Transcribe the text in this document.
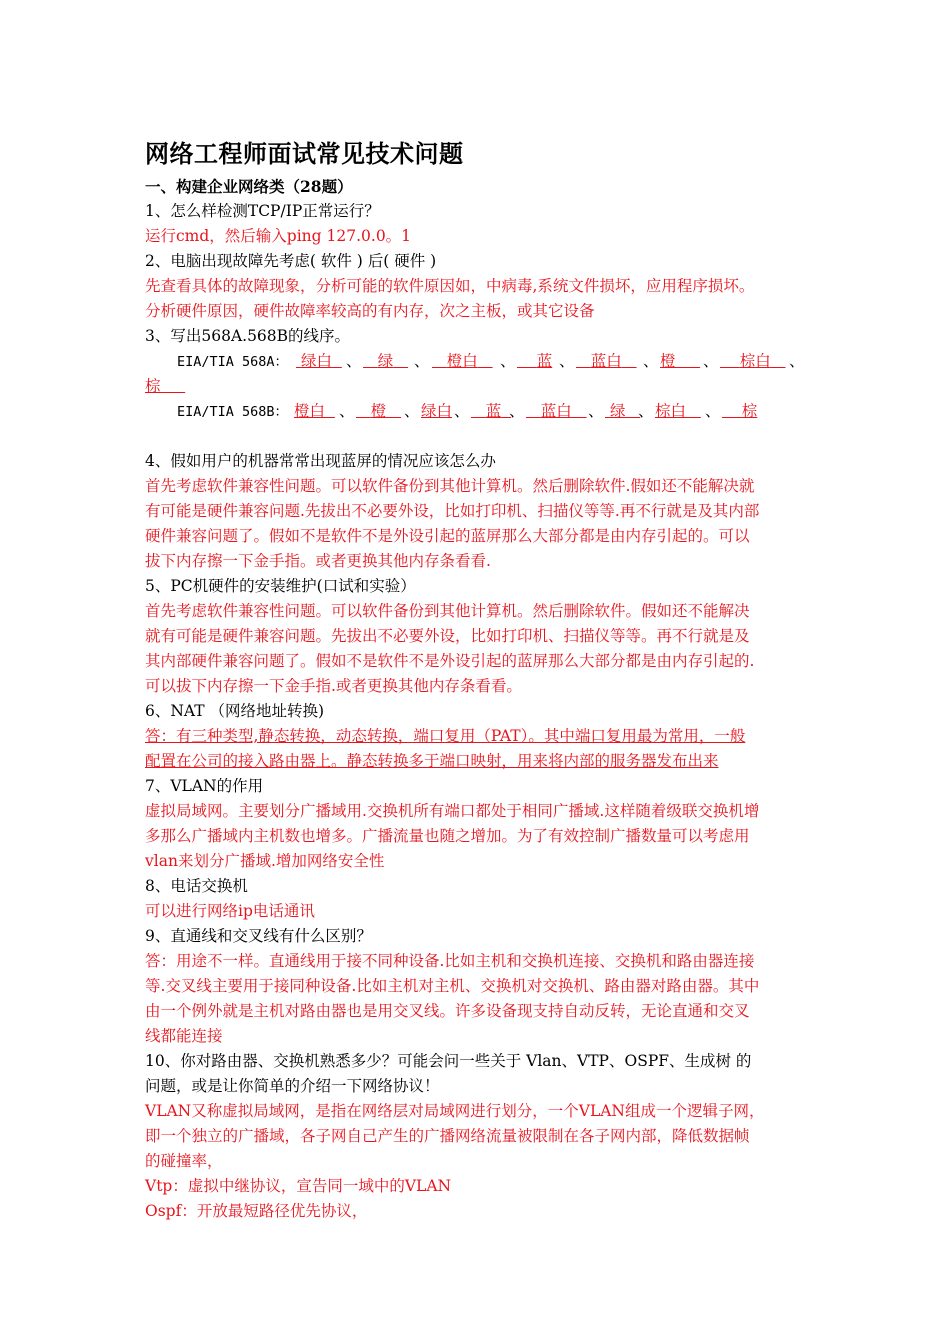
网络工程师面试常见技术问题
一、构建企业网络类（28题）
1、怎么样检测TCP/IP正常运行？
运行cmd，然后输入ping 127.0.0。1
2、电脑出现故障先考虑( 软件 ) 后( 硬件 )
先查看具体的故障现象，分析可能的软件原因如，中病毒,系统文件损坏，应用程序损坏。
分析硬件原因，硬件故障率较高的有内存，次之主板，或其它设备
3、写出568A.568B的线序。
EIA/TIA 568A： 绿白 、	绿	、	橙白	、	蓝 、	蓝白	、 橙	、	棕白	、
棕
EIA/TIA 568B： 橙白 、	橙	、 绿白 、	蓝 、	蓝白	、 绿 、 棕白	、	棕
4、假如用户的机器常常出现蓝屏的情况应该怎么办
首先考虑软件兼容性问题。可以软件备份到其他计算机。然后删除软件.假如还不能解决就
有可能是硬件兼容问题.先拔出不必要外设，比如打印机、扫描仪等等.再不行就是及其内部
硬件兼容问题了。假如不是软件不是外设引起的蓝屏那么大部分都是由内存引起的。可以
拔下内存擦一下金手指。或者更换其他内存条看看.
5、PC机硬件的安装维护(口试和实验）
首先考虑软件兼容性问题。可以软件备份到其他计算机。然后删除软件。假如还不能解决
就有可能是硬件兼容问题。先拔出不必要外设，比如打印机、扫描仪等等。再不行就是及
其内部硬件兼容问题了。假如不是软件不是外设引起的蓝屏那么大部分都是由内存引起的.
可以拔下内存擦一下金手指.或者更换其他内存条看看。
6、NAT （网络地址转换)
答：有三种类型,静态转换，动态转换，端口复用（PAT）。其中端口复用最为常用，一般
配置在公司的接入路由器上。静态转换多于端口映射，用来将内部的服务器发布出来
7、VLAN的作用
虚拟局域网。主要划分广播域用.交换机所有端口都处于相同广播域.这样随着级联交换机增
多那么广播域内主机数也增多。广播流量也随之增加。为了有效控制广播数量可以考虑用
vlan来划分广播域.增加网络安全性
8、电话交换机
可以进行网络ip电话通讯
9、直通线和交叉线有什么区别？
答：用途不一样。直通线用于接不同种设备.比如主机和交换机连接、交换机和路由器连接
等.交叉线主要用于接同种设备.比如主机对主机、交换机对交换机、路由器对路由器。其中
由一个例外就是主机对路由器也是用交叉线。许多设备现支持自动反转，无论直通和交叉
线都能连接
10、你对路由器、交换机熟悉多少？可能会问一些关于 Vlan、VTP、OSPF、生成树 的
问题，或是让你简单的介绍一下网络协议！
VLAN又称虚拟局域网，是指在网络层对局域网进行划分，一个VLAN组成一个逻辑子网，
即一个独立的广播域，各子网自己产生的广播网络流量被限制在各子网内部，降低数据帧
的碰撞率，
Vtp：虚拟中继协议，宣告同一域中的VLAN
Ospf：开放最短路径优先协议，
